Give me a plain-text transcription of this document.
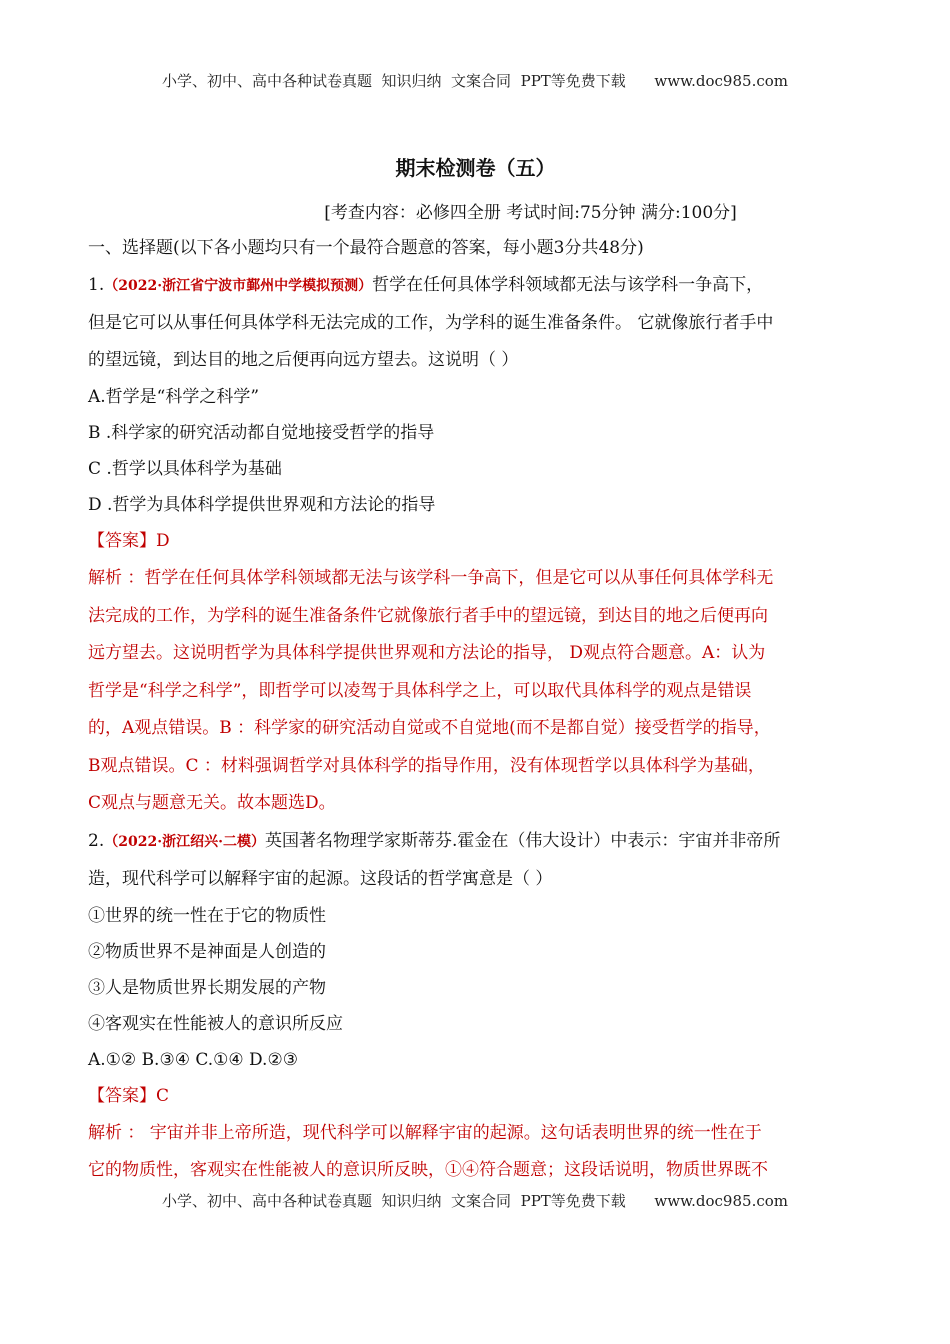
小学、初中、高中各种试卷真题  知识归纳  文案合同  PPT等免费下载      www.doc985.com
期末检测卷（五）
[考查内容：必修四全册 考试时间:75分钟 满分:100分]

一、选择题(以下各小题均只有一个最符合题意的答案，每小题3分共48分)

1.（2022·浙江省宁波市鄞州中学模拟预测）哲学在任何具体学科领域都无法与该学科一争高下，

但是它可以从事任何具体学科无法完成的工作，为学科的诞生准备条件。 它就像旅行者手中

的望远镜，到达目的地之后便再向远方望去。这说明（ ）

A.哲学是“科学之科学”

B .科学家的研究活动都自觉地接受哲学的指导

C .哲学以具体科学为基础

D .哲学为具体科学提供世界观和方法论的指导

【答案】D

解析 ：哲学在任何具体学科领域都无法与该学科一争高下，但是它可以从事任何具体学科无

法完成的工作，为学科的诞生准备条件它就像旅行者手中的望远镜，到达目的地之后便再向

远方望去。这说明哲学为具体科学提供世界观和方法论的指导， D观点符合题意。A：认为

哲学是“科学之科学”，即哲学可以凌驾于具体科学之上，可以取代具体科学的观点是错误

的，A观点错误。B ：科学家的研究活动自觉或不自觉地(而不是都自觉）接受哲学的指导，

B观点错误。C ：材料强调哲学对具体科学的指导作用，没有体现哲学以具体科学为基础，

C观点与题意无关。故本题选D。

2.（2022·浙江绍兴·二模）英国著名物理学家斯蒂芬.霍金在（伟大设计）中表示：宇宙并非帝所

造，现代科学可以解释宇宙的起源。这段话的哲学寓意是（ ）

①世界的统一性在于它的物质性

②物质世界不是神面是人创造的

③人是物质世界长期发展的产物

④客观实在性能被人的意识所反应

A.①② B.③④ C.①④ D.②③

【答案】C

解析 ： 宇宙并非上帝所造，现代科学可以解释宇宙的起源。这句话表明世界的统一性在于

它的物质性，客观实在性能被人的意识所反映，①④符合题意；这段话说明，物质世界既不

小学、初中、高中各种试卷真题  知识归纳  文案合同  PPT等免费下载      www.doc985.com
